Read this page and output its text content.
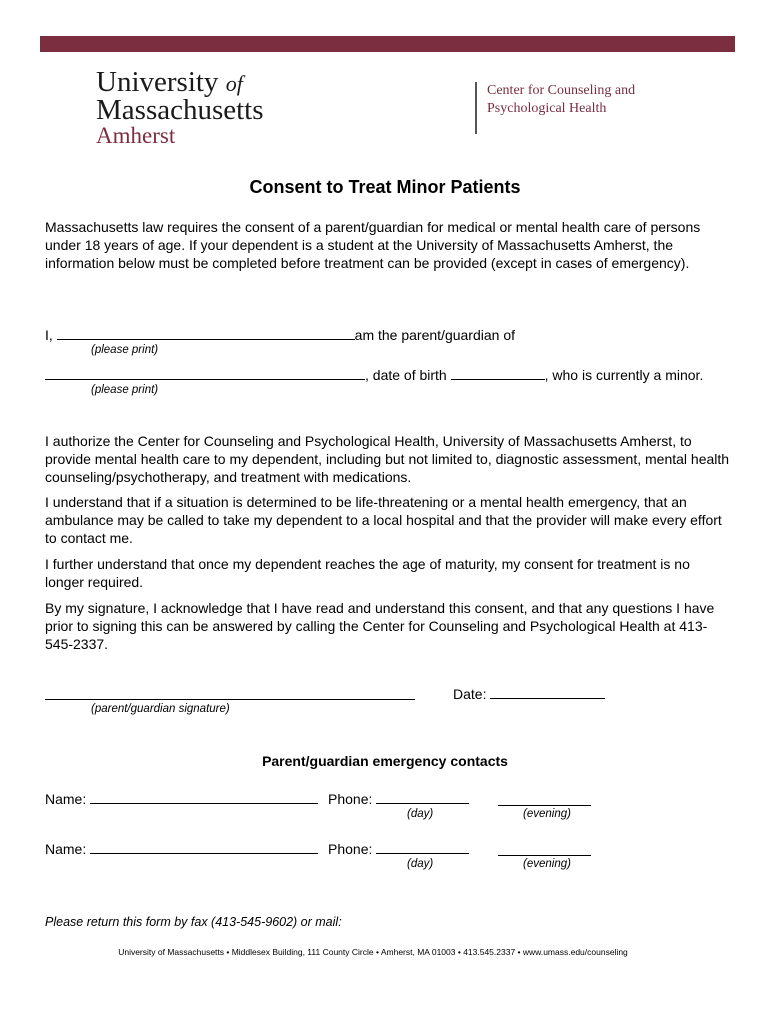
University of
Massachusetts
Amherst
Center for Counseling and
Psychological Health
Consent to Treat Minor Patients
Massachusetts law requires the consent of a parent/guardian for medical or mental health care of persons under 18 years of age. If your dependent is a student at the University of Massachusetts Amherst, the information below must be completed before treatment can be provided (except in cases of emergency).
I,	am the parent/guardian of
(please print)
, date of birth	, who is currently a minor.
(please print)
I authorize the Center for Counseling and Psychological Health, University of Massachusetts Amherst, to provide mental health care to my dependent, including but not limited to, diagnostic assessment, mental health counseling/psychotherapy, and treatment with medications.
I understand that if a situation is determined to be life-threatening or a mental health emergency, that an ambulance may be called to take my dependent to a local hospital and that the provider will make every effort to contact me.
I further understand that once my dependent reaches the age of maturity, my consent for treatment is no longer required.
By my signature, I acknowledge that I have read and understand this consent, and that any questions I have prior to signing this can be answered by calling the Center for Counseling and Psychological Health at 413-545-2337.
(parent/guardian signature)
Date:
Parent/guardian emergency contacts
Name:	Phone:
(day)	(evening)
Name:	Phone:
(day)	(evening)
Please return this form by fax (413-545-9602) or mail:
University of Massachusetts • Middlesex Building, 111 County Circle • Amherst, MA 01003 • 413.545.2337 • www.umass.edu/counseling
